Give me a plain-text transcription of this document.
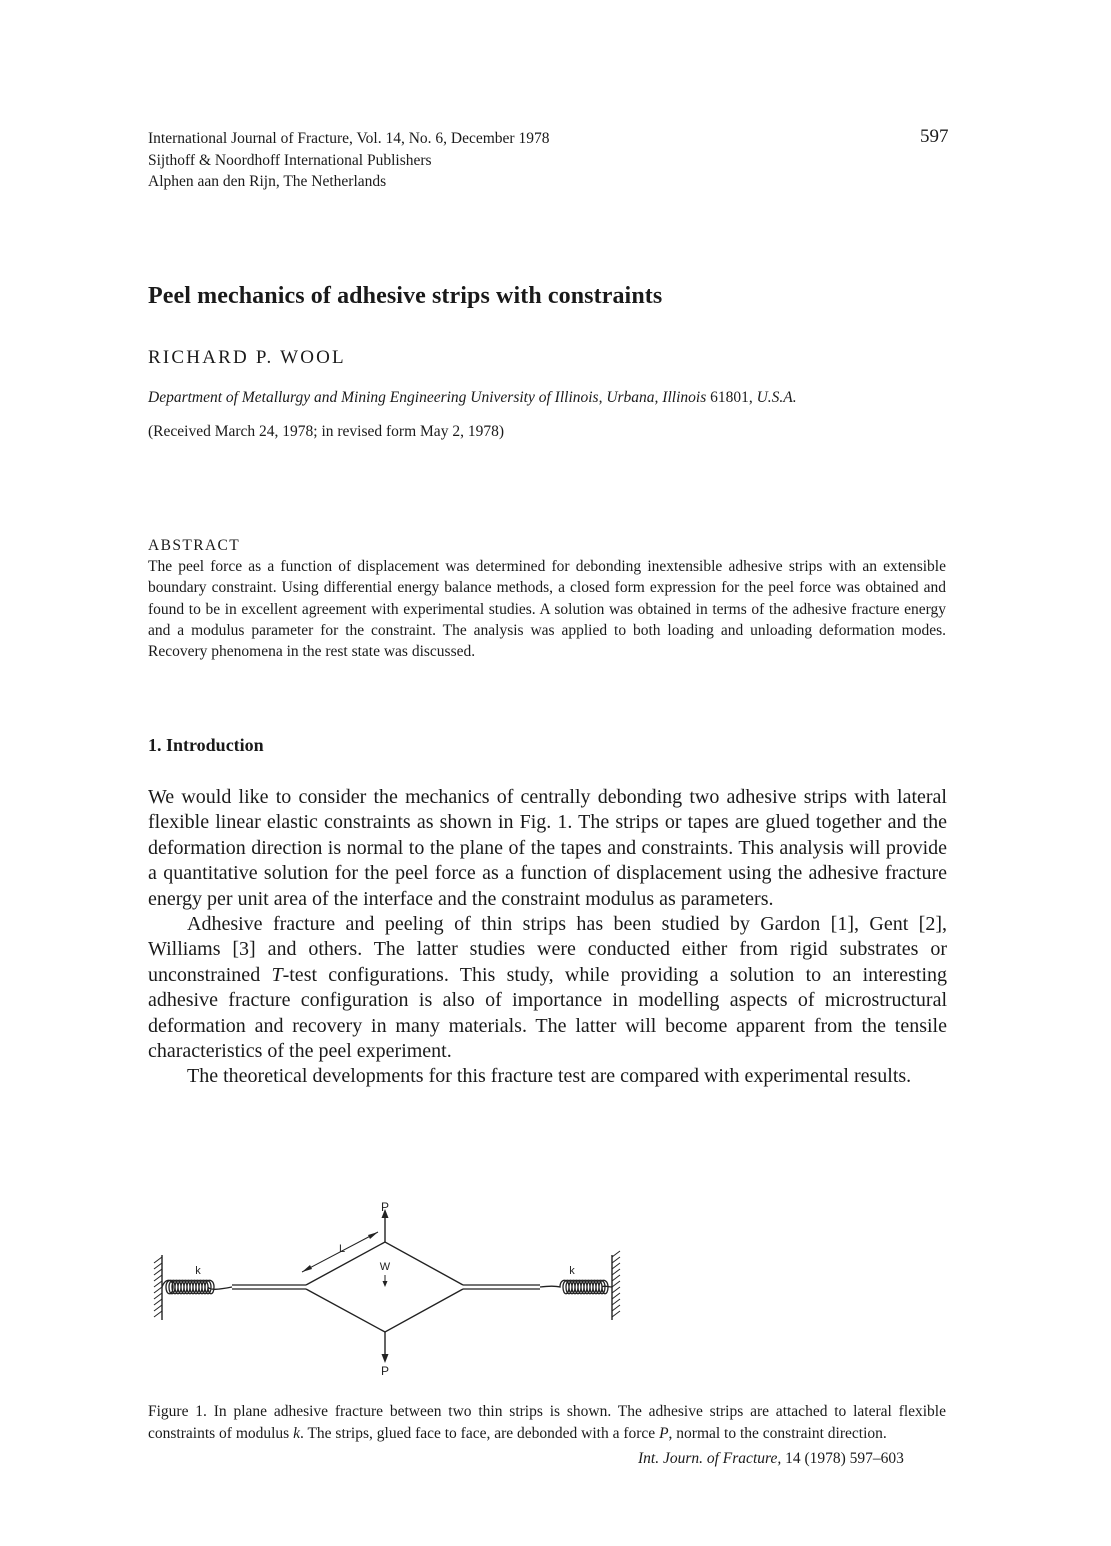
International Journal of Fracture, Vol. 14, No. 6, December 1978
Sijthoff & Noordhoff International Publishers
Alphen aan den Rijn, The Netherlands
597
Peel mechanics of adhesive strips with constraints
RICHARD P. WOOL
Department of Metallurgy and Mining Engineering University of Illinois, Urbana, Illinois 61801, U.S.A.
(Received March 24, 1978; in revised form May 2, 1978)
ABSTRACT
The peel force as a function of displacement was determined for debonding inextensible adhesive strips with an extensible boundary constraint. Using differential energy balance methods, a closed form expression for the peel force was obtained and found to be in excellent agreement with experimental studies. A solution was obtained in terms of the adhesive fracture energy and a modulus parameter for the constraint. The analysis was applied to both loading and unloading deformation modes. Recovery phenomena in the rest state was discussed.
1. Introduction

We would like to consider the mechanics of centrally debonding two adhesive strips with lateral flexible linear elastic constraints as shown in Fig. 1. The strips or tapes are glued together and the deformation direction is normal to the plane of the tapes and constraints. This analysis will provide a quantitative solution for the peel force as a function of displacement using the adhesive fracture energy per unit area of the interface and the constraint modulus as parameters.

Adhesive fracture and peeling of thin strips has been studied by Gardon [1], Gent [2], Williams [3] and others. The latter studies were conducted either from rigid substrates or unconstrained T-test configurations. This study, while providing a solution to an interesting adhesive fracture configuration is also of importance in modelling aspects of microstructural deformation and recovery in many materials. The latter will become apparent from the tensile characteristics of the peel experiment.

The theoretical developments for this fracture test are compared with experimental results.

P
P
L
W
k	k
Figure 1. In plane adhesive fracture between two thin strips is shown. The adhesive strips are attached to lateral flexible constraints of modulus k. The strips, glued face to face, are debonded with a force P, normal to the constraint direction.
Int. Journ. of Fracture, 14 (1978) 597–603
